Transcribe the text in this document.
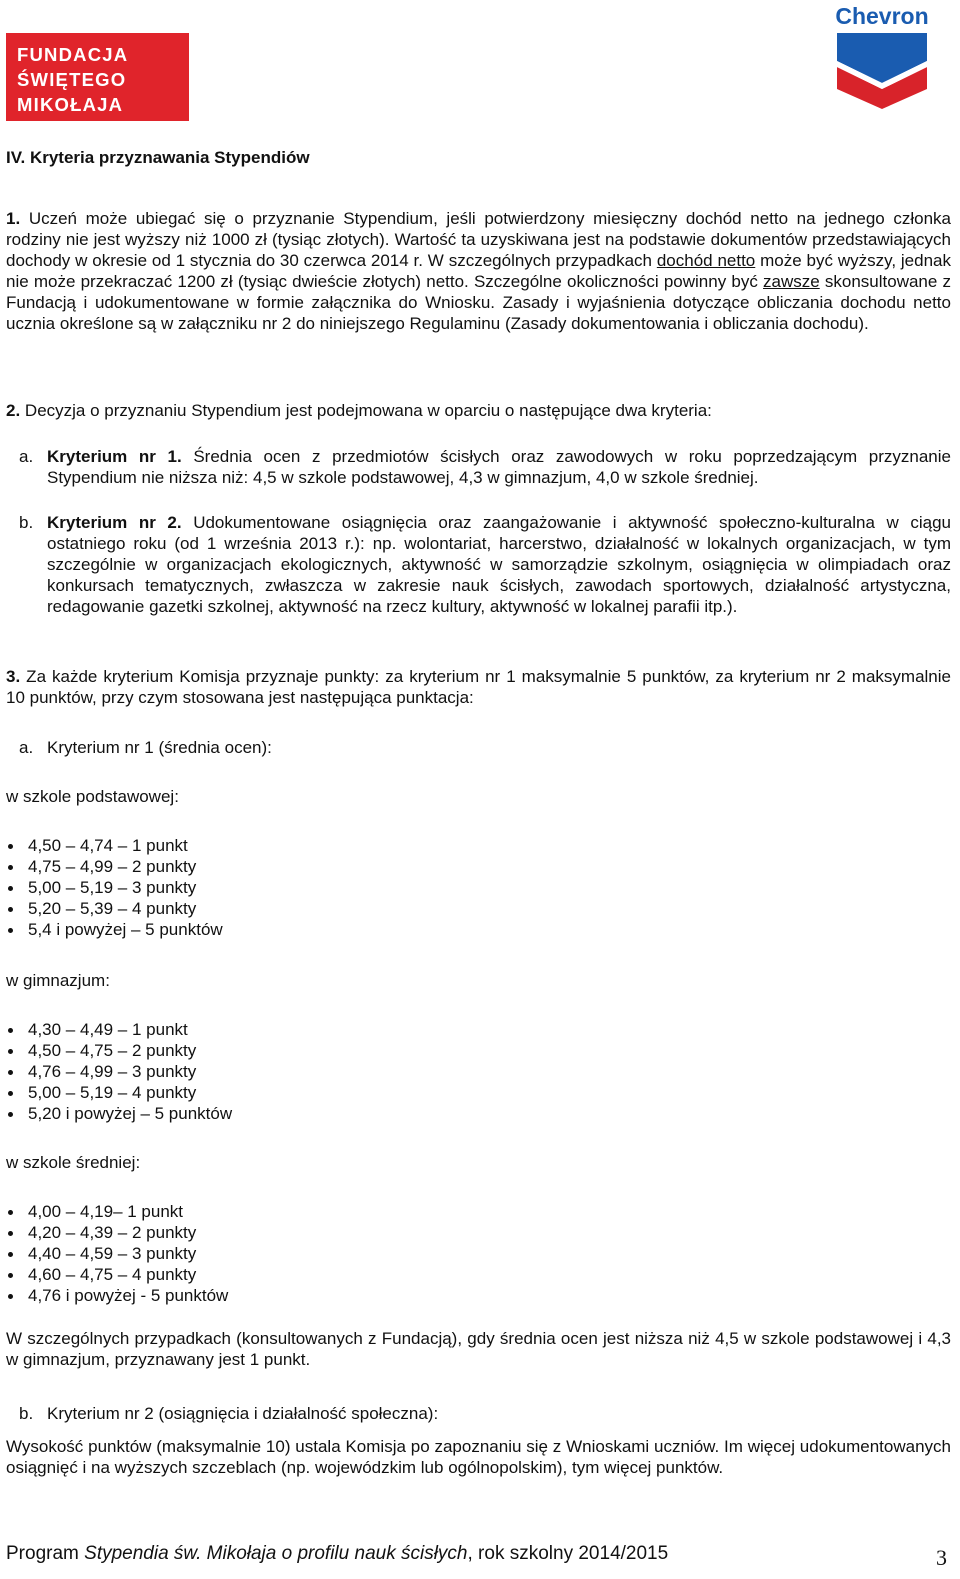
FUNDACJA
ŚWIĘTEGO
MIKOŁAJA
Chevron
IV. Kryteria przyznawania Stypendiów
1. Uczeń może ubiegać się o przyznanie Stypendium, jeśli potwierdzony miesięczny dochód netto na jednego członka rodziny nie jest wyższy niż 1000 zł (tysiąc złotych). Wartość ta uzyskiwana jest na podstawie dokumentów przedstawiających dochody w okresie od 1 stycznia do 30 czerwca 2014 r. W szczególnych przypadkach dochód netto może być wyższy, jednak nie może przekraczać 1200 zł (tysiąc dwieście złotych) netto. Szczególne okoliczności powinny być zawsze skonsultowane z Fundacją i udokumentowane w formie załącznika do Wniosku. Zasady i wyjaśnienia dotyczące obliczania dochodu netto ucznia określone są w załączniku nr 2 do niniejszego Regulaminu (Zasady dokumentowania i obliczania dochodu).
2. Decyzja o przyznaniu Stypendium jest podejmowana w oparciu o następujące dwa kryteria:
a. Kryterium nr 1. Średnia ocen z przedmiotów ścisłych oraz zawodowych w roku poprzedzającym przyznanie Stypendium nie niższa niż: 4,5 w szkole podstawowej, 4,3 w gimnazjum, 4,0 w szkole średniej.
b. Kryterium nr 2. Udokumentowane osiągnięcia oraz zaangażowanie i aktywność społeczno-kulturalna w ciągu ostatniego roku (od 1 września 2013 r.): np. wolontariat, harcerstwo, działalność w lokalnych organizacjach, w tym szczególnie w organizacjach ekologicznych, aktywność w samorządzie szkolnym, osiągnięcia w olimpiadach oraz konkursach tematycznych, zwłaszcza w zakresie nauk ścisłych, zawodach sportowych, działalność artystyczna, redagowanie gazetki szkolnej, aktywność na rzecz kultury, aktywność w lokalnej parafii itp.).
3. Za każde kryterium Komisja przyznaje punkty: za kryterium nr 1 maksymalnie 5 punktów, za kryterium nr 2 maksymalnie 10 punktów, przy czym stosowana jest następująca punktacja:
a. Kryterium nr 1 (średnia ocen):
w szkole podstawowej:
4,50 – 4,74 – 1 punkt
4,75 – 4,99 – 2 punkty
5,00 – 5,19 – 3 punkty
5,20 – 5,39 – 4 punkty
5,4 i powyżej – 5 punktów
w gimnazjum:
4,30 – 4,49 – 1 punkt
4,50 – 4,75 – 2 punkty
4,76 – 4,99 – 3 punkty
5,00 – 5,19 – 4 punkty
5,20 i powyżej – 5 punktów
w szkole średniej:
4,00 – 4,19– 1 punkt
4,20 – 4,39 – 2 punkty
4,40 – 4,59 – 3 punkty
4,60 – 4,75 – 4 punkty
4,76 i powyżej - 5 punktów
W szczególnych przypadkach (konsultowanych z Fundacją), gdy średnia ocen jest niższa niż 4,5 w szkole podstawowej i 4,3 w gimnazjum, przyznawany jest 1 punkt.
b. Kryterium nr 2 (osiągnięcia i działalność społeczna):
Wysokość punktów (maksymalnie 10) ustala Komisja po zapoznaniu się z Wnioskami uczniów. Im więcej udokumentowanych osiągnięć i na wyższych szczeblach (np. wojewódzkim lub ogólnopolskim), tym więcej punktów.
Program Stypendia św. Mikołaja o profilu nauk ścisłych, rok szkolny 2014/2015	3
